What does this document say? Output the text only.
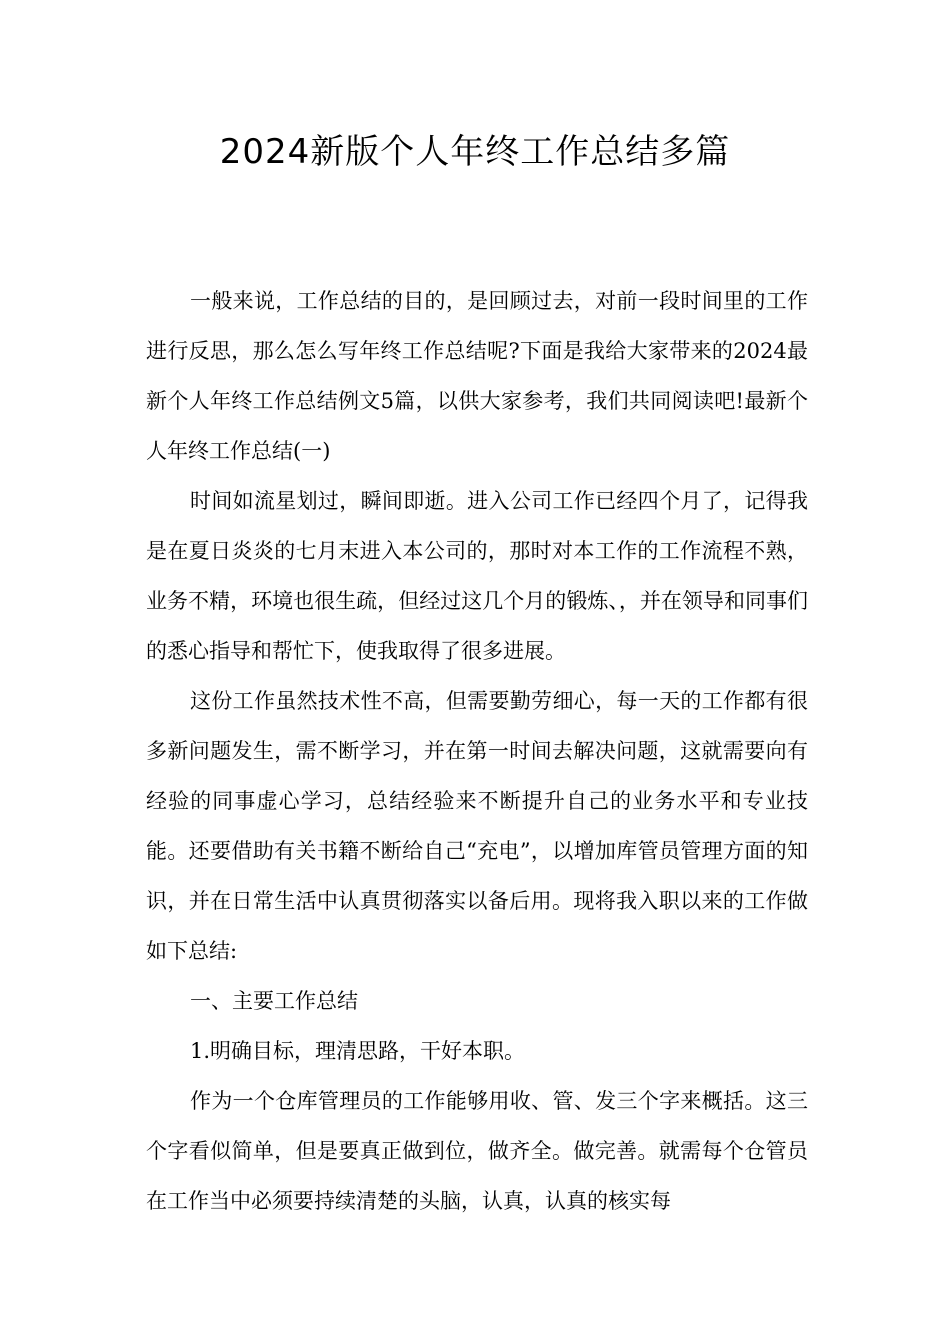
2024新版个人年终工作总结多篇

一般来说，工作总结的目的，是回顾过去，对前一段时间里的工作进行反思，那么怎么写年终工作总结呢?下面是我给大家带来的2024最新个人年终工作总结例文5篇，以供大家参考，我们共同阅读吧!最新个人年终工作总结(一)

时间如流星划过，瞬间即逝。进入公司工作已经四个月了，记得我是在夏日炎炎的七月末进入本公司的，那时对本工作的工作流程不熟，业务不精，环境也很生疏，但经过这几个月的锻炼、，并在领导和同事们的悉心指导和帮忙下，使我取得了很多进展。

这份工作虽然技术性不高，但需要勤劳细心，每一天的工作都有很多新问题发生，需不断学习，并在第一时间去解决问题，这就需要向有经验的同事虚心学习，总结经验来不断提升自己的业务水平和专业技能。还要借助有关书籍不断给自己“充电”，以增加库管员管理方面的知识，并在日常生活中认真贯彻落实以备后用。现将我入职以来的工作做如下总结:

一、主要工作总结

1.明确目标，理清思路，干好本职。

作为一个仓库管理员的工作能够用收、管、发三个字来概括。这三个字看似简单，但是要真正做到位，做齐全。做完善。就需每个仓管员在工作当中必须要持续清楚的头脑，认真，认真的核实每
